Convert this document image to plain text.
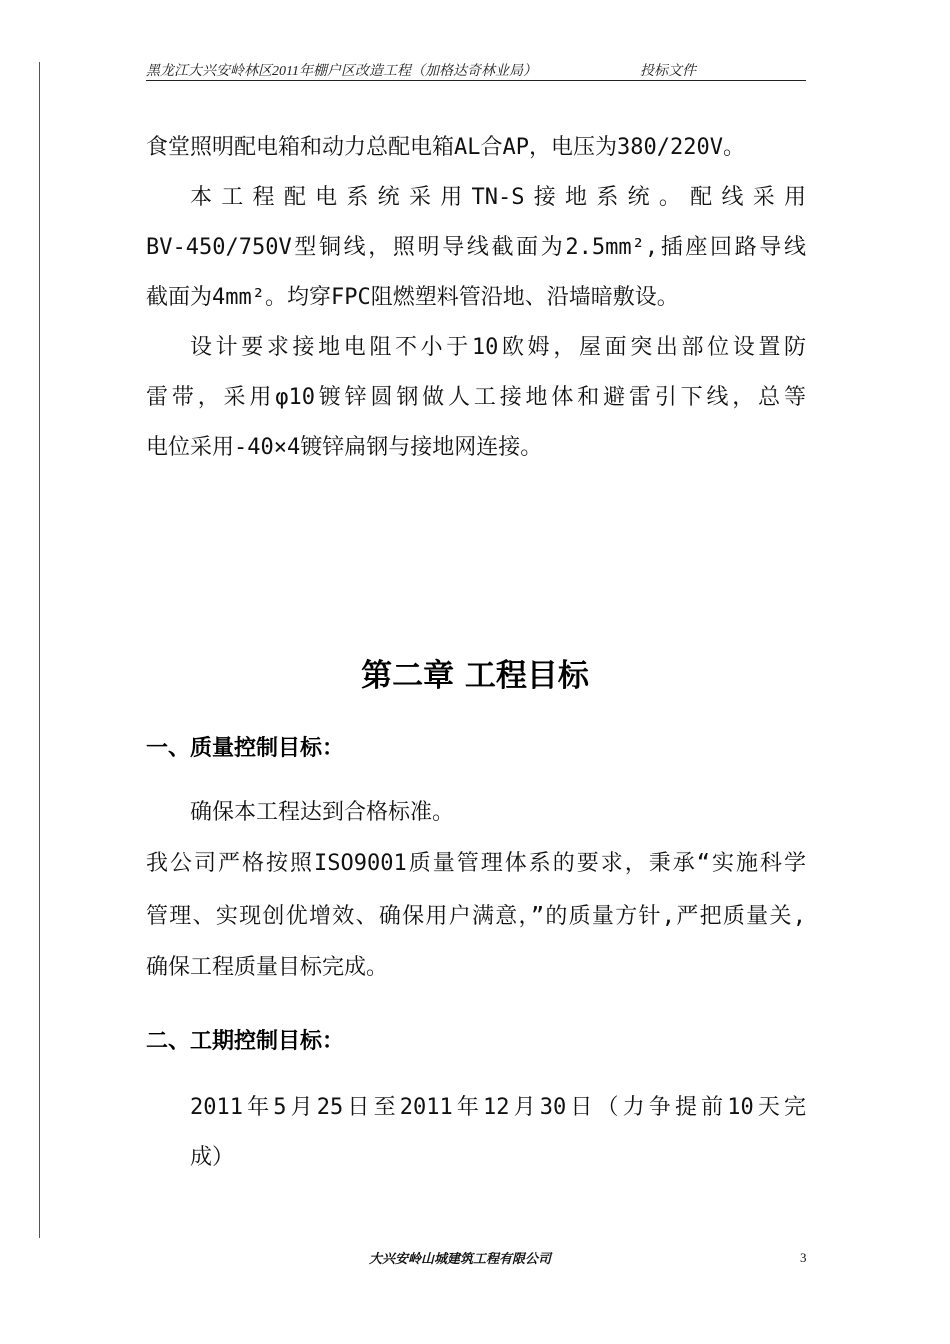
黑龙江大兴安岭林区2011年棚户区改造工程（加格达奇林业局）	投标文件
食堂照明配电箱和动力总配电箱AL合AP，电压为380/220V。
本工程配电系统采用TN-S接地系统。配线采用
BV-450/750V型铜线，照明导线截面为2.5mm²,插座回路导线
截面为4mm²。均穿FPC阻燃塑料管沿地、沿墙暗敷设。
设计要求接地电阻不小于10欧姆，屋面突出部位设置防
雷带，采用φ10镀锌圆钢做人工接地体和避雷引下线，总等
电位采用-40×4镀锌扁钢与接地网连接。
第二章 工程目标
一、质量控制目标：
确保本工程达到合格标准。
我公司严格按照ISO9001质量管理体系的要求，秉承“实施科学
管理、实现创优增效、确保用户满意，”的质量方针,严把质量关,
确保工程质量目标完成。
二、工期控制目标：
2011年5月25日至2011年12月30日（力争提前10天完
成）
大兴安岭山城建筑工程有限公司	3
